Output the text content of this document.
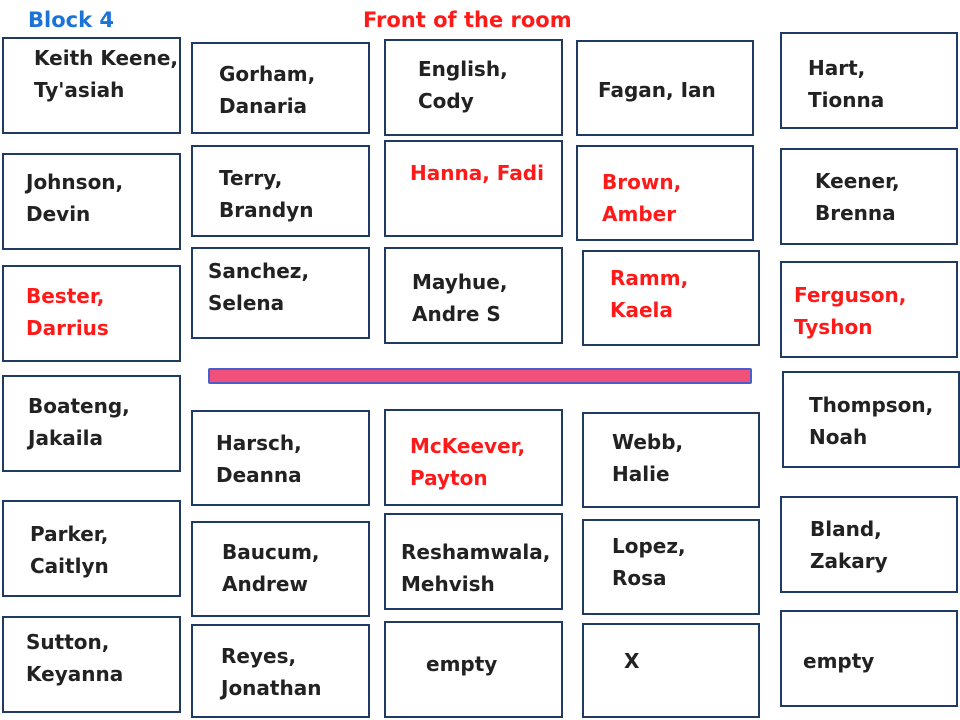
Block 4	Front of the room
Keith Keene,
Ty'asiah
Johnson,
Devin
Bester,
Darrius
Boateng,
Jakaila
Parker,
Caitlyn
Sutton,
Keyanna
Gorham,
Danaria
Terry,
Brandyn
Sanchez,
Selena
Harsch,
Deanna
Baucum,
Andrew
Reyes,
Jonathan
English,
Cody
Hanna, Fadi
Mayhue,
Andre S
McKeever,
Payton
Reshamwala,
Mehvish
empty
Fagan, Ian
Brown,
Amber
Ramm,
Kaela
Webb,
Halie
Lopez,
Rosa
X
Hart,
Tionna
Keener,
Brenna
Ferguson,
Tyshon
Thompson,
Noah
Bland,
Zakary
empty
